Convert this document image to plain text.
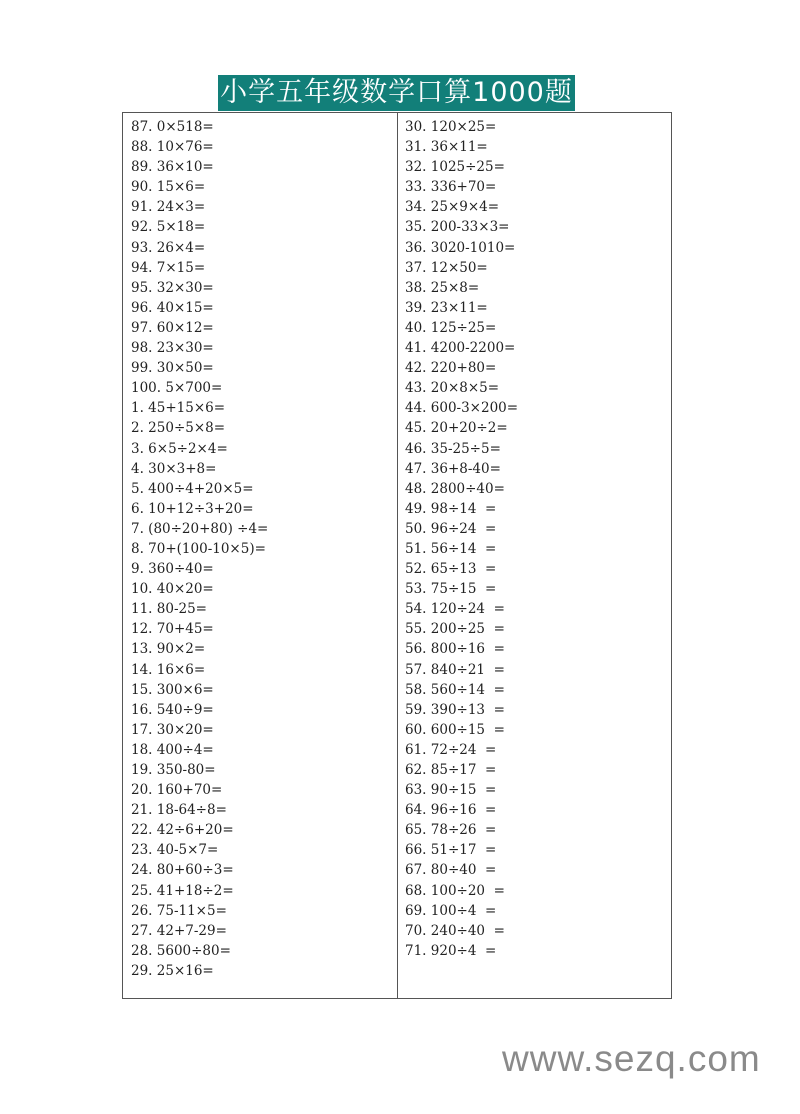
小学五年级数学口算1000题
87. 0×518=
88. 10×76=
89. 36×10=
90. 15×6=
91. 24×3=
92. 5×18=
93. 26×4=
94. 7×15=
95. 32×30=
96. 40×15=
97. 60×12=
98. 23×30=
99. 30×50=
100. 5×700=
1. 45+15×6=
2. 250÷5×8=
3. 6×5÷2×4=
4. 30×3+8=
5. 400÷4+20×5=
6. 10+12÷3+20=
7. (80÷20+80) ÷4=
8. 70+(100-10×5)=
9. 360÷40=
10. 40×20=
11. 80-25=
12. 70+45=
13. 90×2=
14. 16×6=
15. 300×6=
16. 540÷9=
17. 30×20=
18. 400÷4=
19. 350-80=
20. 160+70=
21. 18-64÷8=
22. 42÷6+20=
23. 40-5×7=
24. 80+60÷3=
25. 41+18÷2=
26. 75-11×5=
27. 42+7-29=
28. 5600÷80=
29. 25×16=
30. 120×25=
31. 36×11=
32. 1025÷25=
33. 336+70=
34. 25×9×4=
35. 200-33×3=
36. 3020-1010=
37. 12×50=
38. 25×8=
39. 23×11=
40. 125÷25=
41. 4200-2200=
42. 220+80=
43. 20×8×5=
44. 600-3×200=
45. 20+20÷2=
46. 35-25÷5=
47. 36+8-40=
48. 2800÷40=
49. 98÷14  =
50. 96÷24  =
51. 56÷14  =
52. 65÷13  =
53. 75÷15  =
54. 120÷24  =
55. 200÷25  =
56. 800÷16  =
57. 840÷21  =
58. 560÷14  =
59. 390÷13  =
60. 600÷15  =
61. 72÷24  =
62. 85÷17  =
63. 90÷15  =
64. 96÷16  =
65. 78÷26  =
66. 51÷17  =
67. 80÷40  =
68. 100÷20  =
69. 100÷4  =
70. 240÷40  =
71. 920÷4  =
www.sezq.com
